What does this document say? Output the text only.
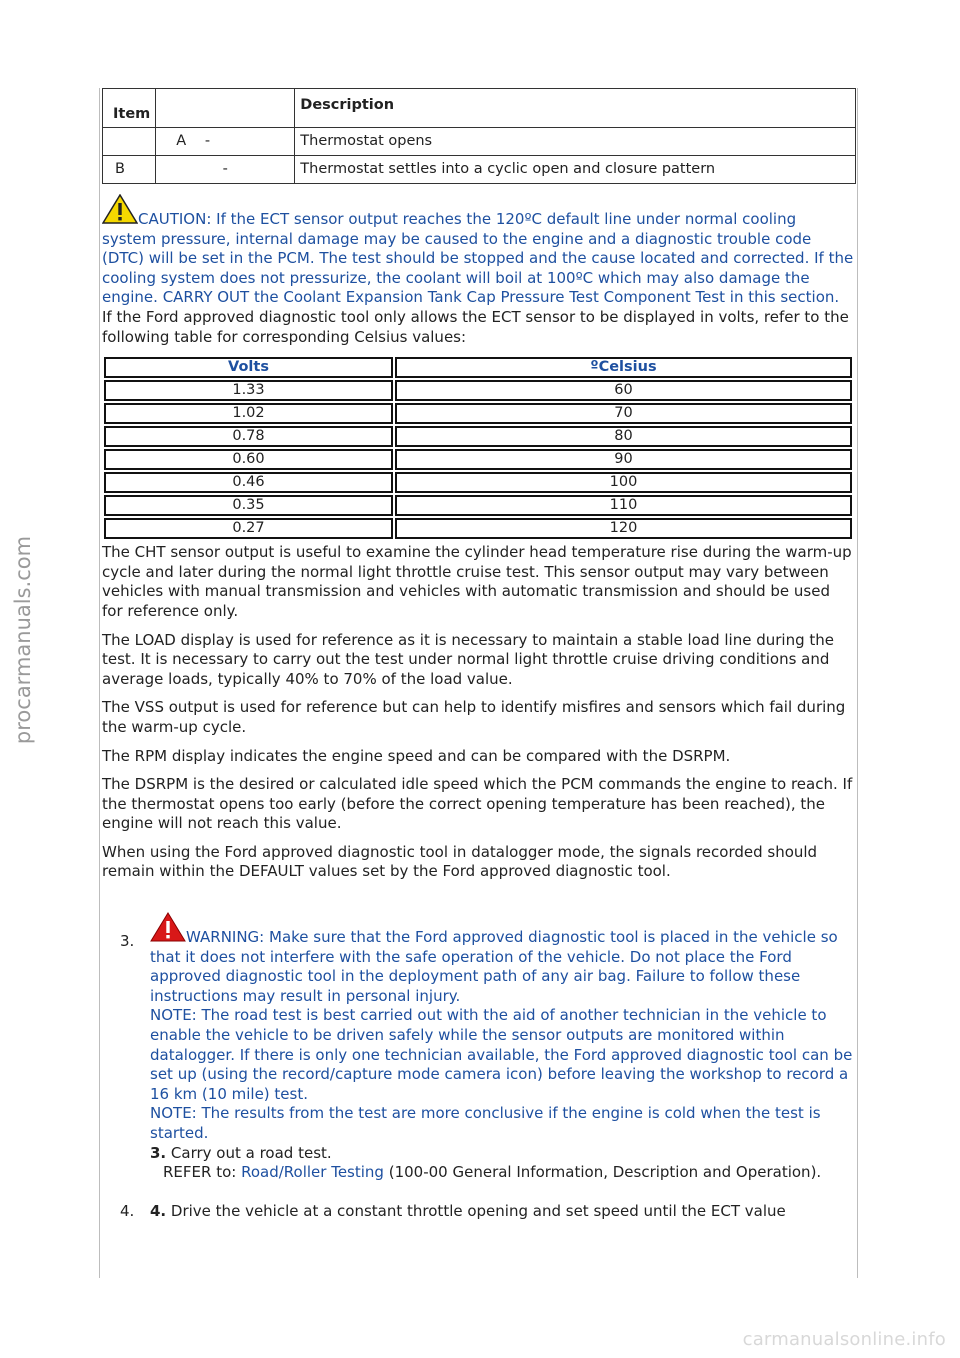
procarmanuals.com
Item		Description
	A -	Thermostat opens
B	-	Thermostat settles into a cyclic open and closure pattern
CAUTION: If the ECT sensor output reaches the 120ºC default line under normal cooling system pressure, internal damage may be caused to the engine and a diagnostic trouble code (DTC) will be set in the PCM. The test should be stopped and the cause located and corrected. If the cooling system does not pressurize, the coolant will boil at 100ºC which may also damage the engine. CARRY OUT the Coolant Expansion Tank Cap Pressure Test Component Test in this section.

If the Ford approved diagnostic tool only allows the ECT sensor to be displayed in volts, refer to the following table for corresponding Celsius values:

Volts	ºCelsius
1.33	60
1.02	70
0.78	80
0.60	90
0.46	100
0.35	110
0.27	120

The CHT sensor output is useful to examine the cylinder head temperature rise during the warm-up cycle and later during the normal light throttle cruise test. This sensor output may vary between vehicles with manual transmission and vehicles with automatic transmission and should be used for reference only.

The LOAD display is used for reference as it is necessary to maintain a stable load line during the test. It is necessary to carry out the test under normal light throttle cruise driving conditions and average loads, typically 40% to 70% of the load value.

The VSS output is used for reference but can help to identify misfires and sensors which fail during the warm-up cycle.

The RPM display indicates the engine speed and can be compared with the DSRPM.

The DSRPM is the desired or calculated idle speed which the PCM commands the engine to reach. If the thermostat opens too early (before the correct opening temperature has been reached), the engine will not reach this value.

When using the Ford approved diagnostic tool in datalogger mode, the signals recorded should remain within the DEFAULT values set by the Ford approved diagnostic tool.

3.	WARNING: Make sure that the Ford approved diagnostic tool is placed in the vehicle so that it does not interfere with the safe operation of the vehicle. Do not place the Ford approved diagnostic tool in the deployment path of any air bag. Failure to follow these instructions may result in personal injury.

NOTE: The road test is best carried out with the aid of another technician in the vehicle to enable the vehicle to be driven safely while the sensor outputs are monitored within datalogger. If there is only one technician available, the Ford approved diagnostic tool can be set up (using the record/capture mode camera icon) before leaving the workshop to record a 16 km (10 mile) test.

NOTE: The results from the test are more conclusive if the engine is cold when the test is started.

3. Carry out a road test.

REFER to: Road/Roller Testing (100-00 General Information, Description and Operation).

4. 4. Drive the vehicle at a constant throttle opening and set speed until the ECT value

carmanualsonline.info
